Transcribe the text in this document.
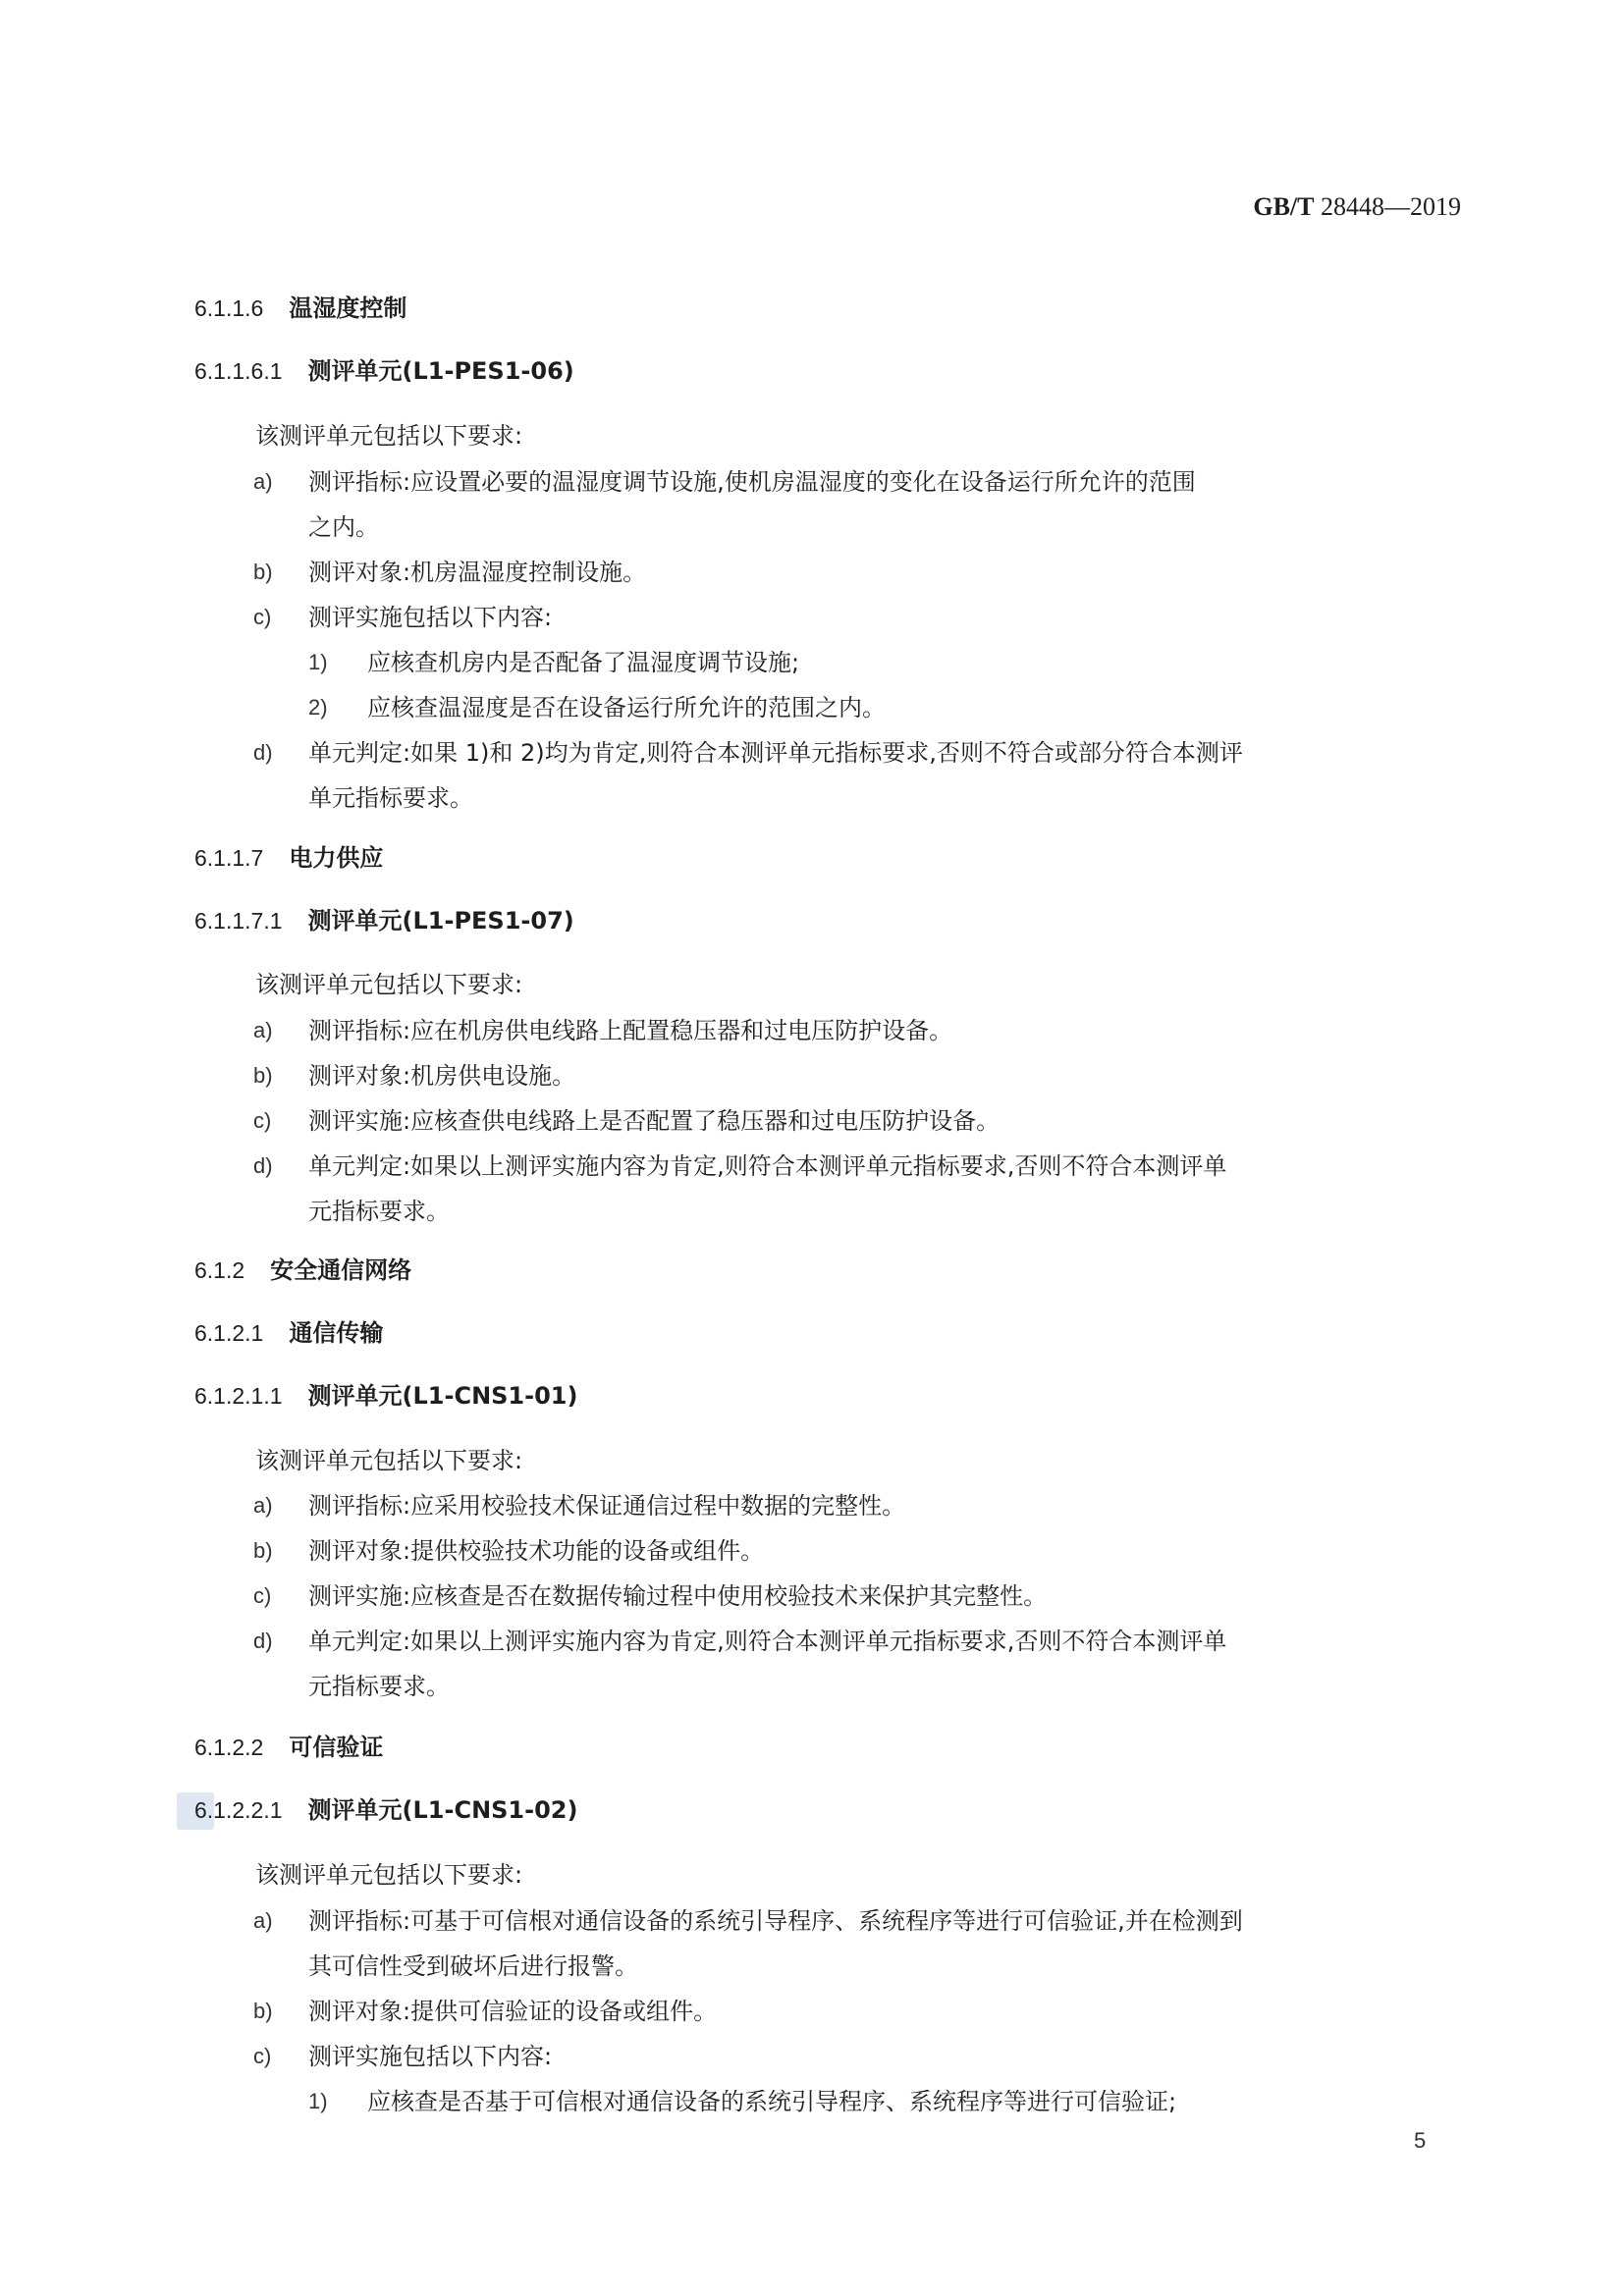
GB/T 28448—2019
6.1.1.6 温湿度控制
6.1.1.6.1 测评单元(L1-PES1-06)
该测评单元包括以下要求:
a) 测评指标:应设置必要的温湿度调节设施,使机房温湿度的变化在设备运行所允许的范围
之内。
b) 测评对象:机房温湿度控制设施。
c) 测评实施包括以下内容:
1) 应核查机房内是否配备了温湿度调节设施;
2) 应核查温湿度是否在设备运行所允许的范围之内。
d) 单元判定:如果 1)和 2)均为肯定,则符合本测评单元指标要求,否则不符合或部分符合本测评
单元指标要求。
6.1.1.7 电力供应
6.1.1.7.1 测评单元(L1-PES1-07)
该测评单元包括以下要求:
a) 测评指标:应在机房供电线路上配置稳压器和过电压防护设备。
b) 测评对象:机房供电设施。
c) 测评实施:应核查供电线路上是否配置了稳压器和过电压防护设备。
d) 单元判定:如果以上测评实施内容为肯定,则符合本测评单元指标要求,否则不符合本测评单
元指标要求。
6.1.2 安全通信网络
6.1.2.1 通信传输
6.1.2.1.1 测评单元(L1-CNS1-01)
该测评单元包括以下要求:
a) 测评指标:应采用校验技术保证通信过程中数据的完整性。
b) 测评对象:提供校验技术功能的设备或组件。
c) 测评实施:应核查是否在数据传输过程中使用校验技术来保护其完整性。
d) 单元判定:如果以上测评实施内容为肯定,则符合本测评单元指标要求,否则不符合本测评单
元指标要求。
6.1.2.2 可信验证
6.1.2.2.1 测评单元(L1-CNS1-02)
该测评单元包括以下要求:
a) 测评指标:可基于可信根对通信设备的系统引导程序、系统程序等进行可信验证,并在检测到
其可信性受到破坏后进行报警。
b) 测评对象:提供可信验证的设备或组件。
c) 测评实施包括以下内容:
1) 应核查是否基于可信根对通信设备的系统引导程序、系统程序等进行可信验证;
5
